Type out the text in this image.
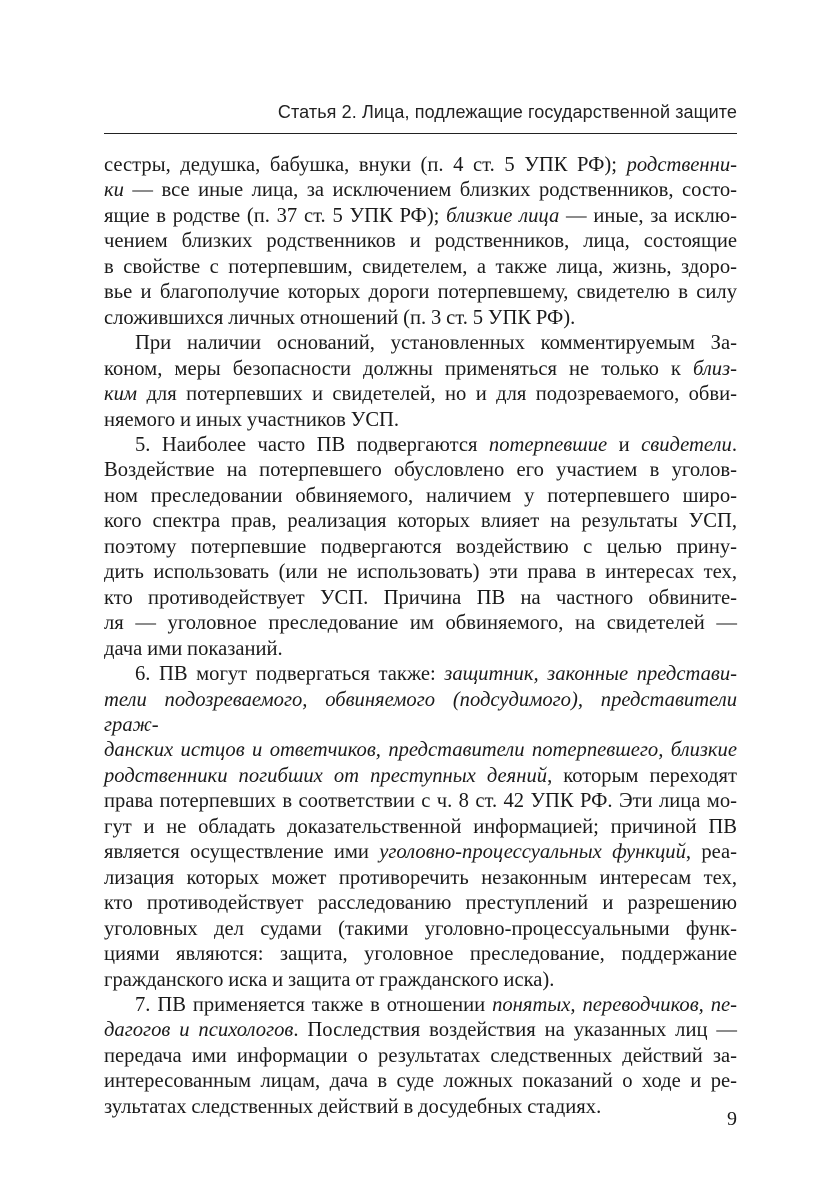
Статья 2. Лица, подлежащие государственной защите

сестры, дедушка, бабушка, внуки (п. 4 ст. 5 УПК РФ); родственни-

ки — все иные лица, за исключением близких родственников, состо-

ящие в родстве (п. 37 ст. 5 УПК РФ); близкие лица — иные, за исклю-

чением близких родственников и родственников, лица, состоящие

в свойстве с потерпевшим, свидетелем, а также лица, жизнь, здоро-

вье и благополучие которых дороги потерпевшему, свидетелю в силу

сложившихся личных отношений (п. 3 ст. 5 УПК РФ).

При наличии оснований, установленных комментируемым За-

коном, меры безопасности должны применяться не только к близ-

ким для потерпевших и свидетелей, но и для подозреваемого, обви-

няемого и иных участников УСП.

5. Наиболее часто ПВ подвергаются потерпевшие и свидетели.

Воздействие на потерпевшего обусловлено его участием в уголов-

ном преследовании обвиняемого, наличием у потерпевшего широ-

кого спектра прав, реализация которых влияет на результаты УСП,

поэтому потерпевшие подвергаются воздействию с целью прину-

дить использовать (или не использовать) эти права в интересах тех,

кто противодействует УСП. Причина ПВ на частного обвините-

ля — уголовное преследование им обвиняемого, на свидетелей —

дача ими показаний.

6. ПВ могут подвергаться также: защитник, законные представи-

тели подозреваемого, обвиняемого (подсудимого), представители граж-

данских истцов и ответчиков, представители потерпевшего, близкие

родственники погибших от преступных деяний, которым переходят

права потерпевших в соответствии с ч. 8 ст. 42 УПК РФ. Эти лица мо-

гут и не обладать доказательственной информацией; причиной ПВ

является осуществление ими уголовно-процессуальных функций, реа-

лизация которых может противоречить незаконным интересам тех,

кто противодействует расследованию преступлений и разрешению

уголовных дел судами (такими уголовно-процессуальными функ-

циями являются: защита, уголовное преследование, поддержание

гражданского иска и защита от гражданского иска).

7. ПВ применяется также в отношении понятых, переводчиков, пе-

дагогов и психологов. Последствия воздействия на указанных лиц —

передача ими информации о результатах следственных действий за-

интересованным лицам, дача в суде ложных показаний о ходе и ре-

зультатах следственных действий в досудебных стадиях.

9
